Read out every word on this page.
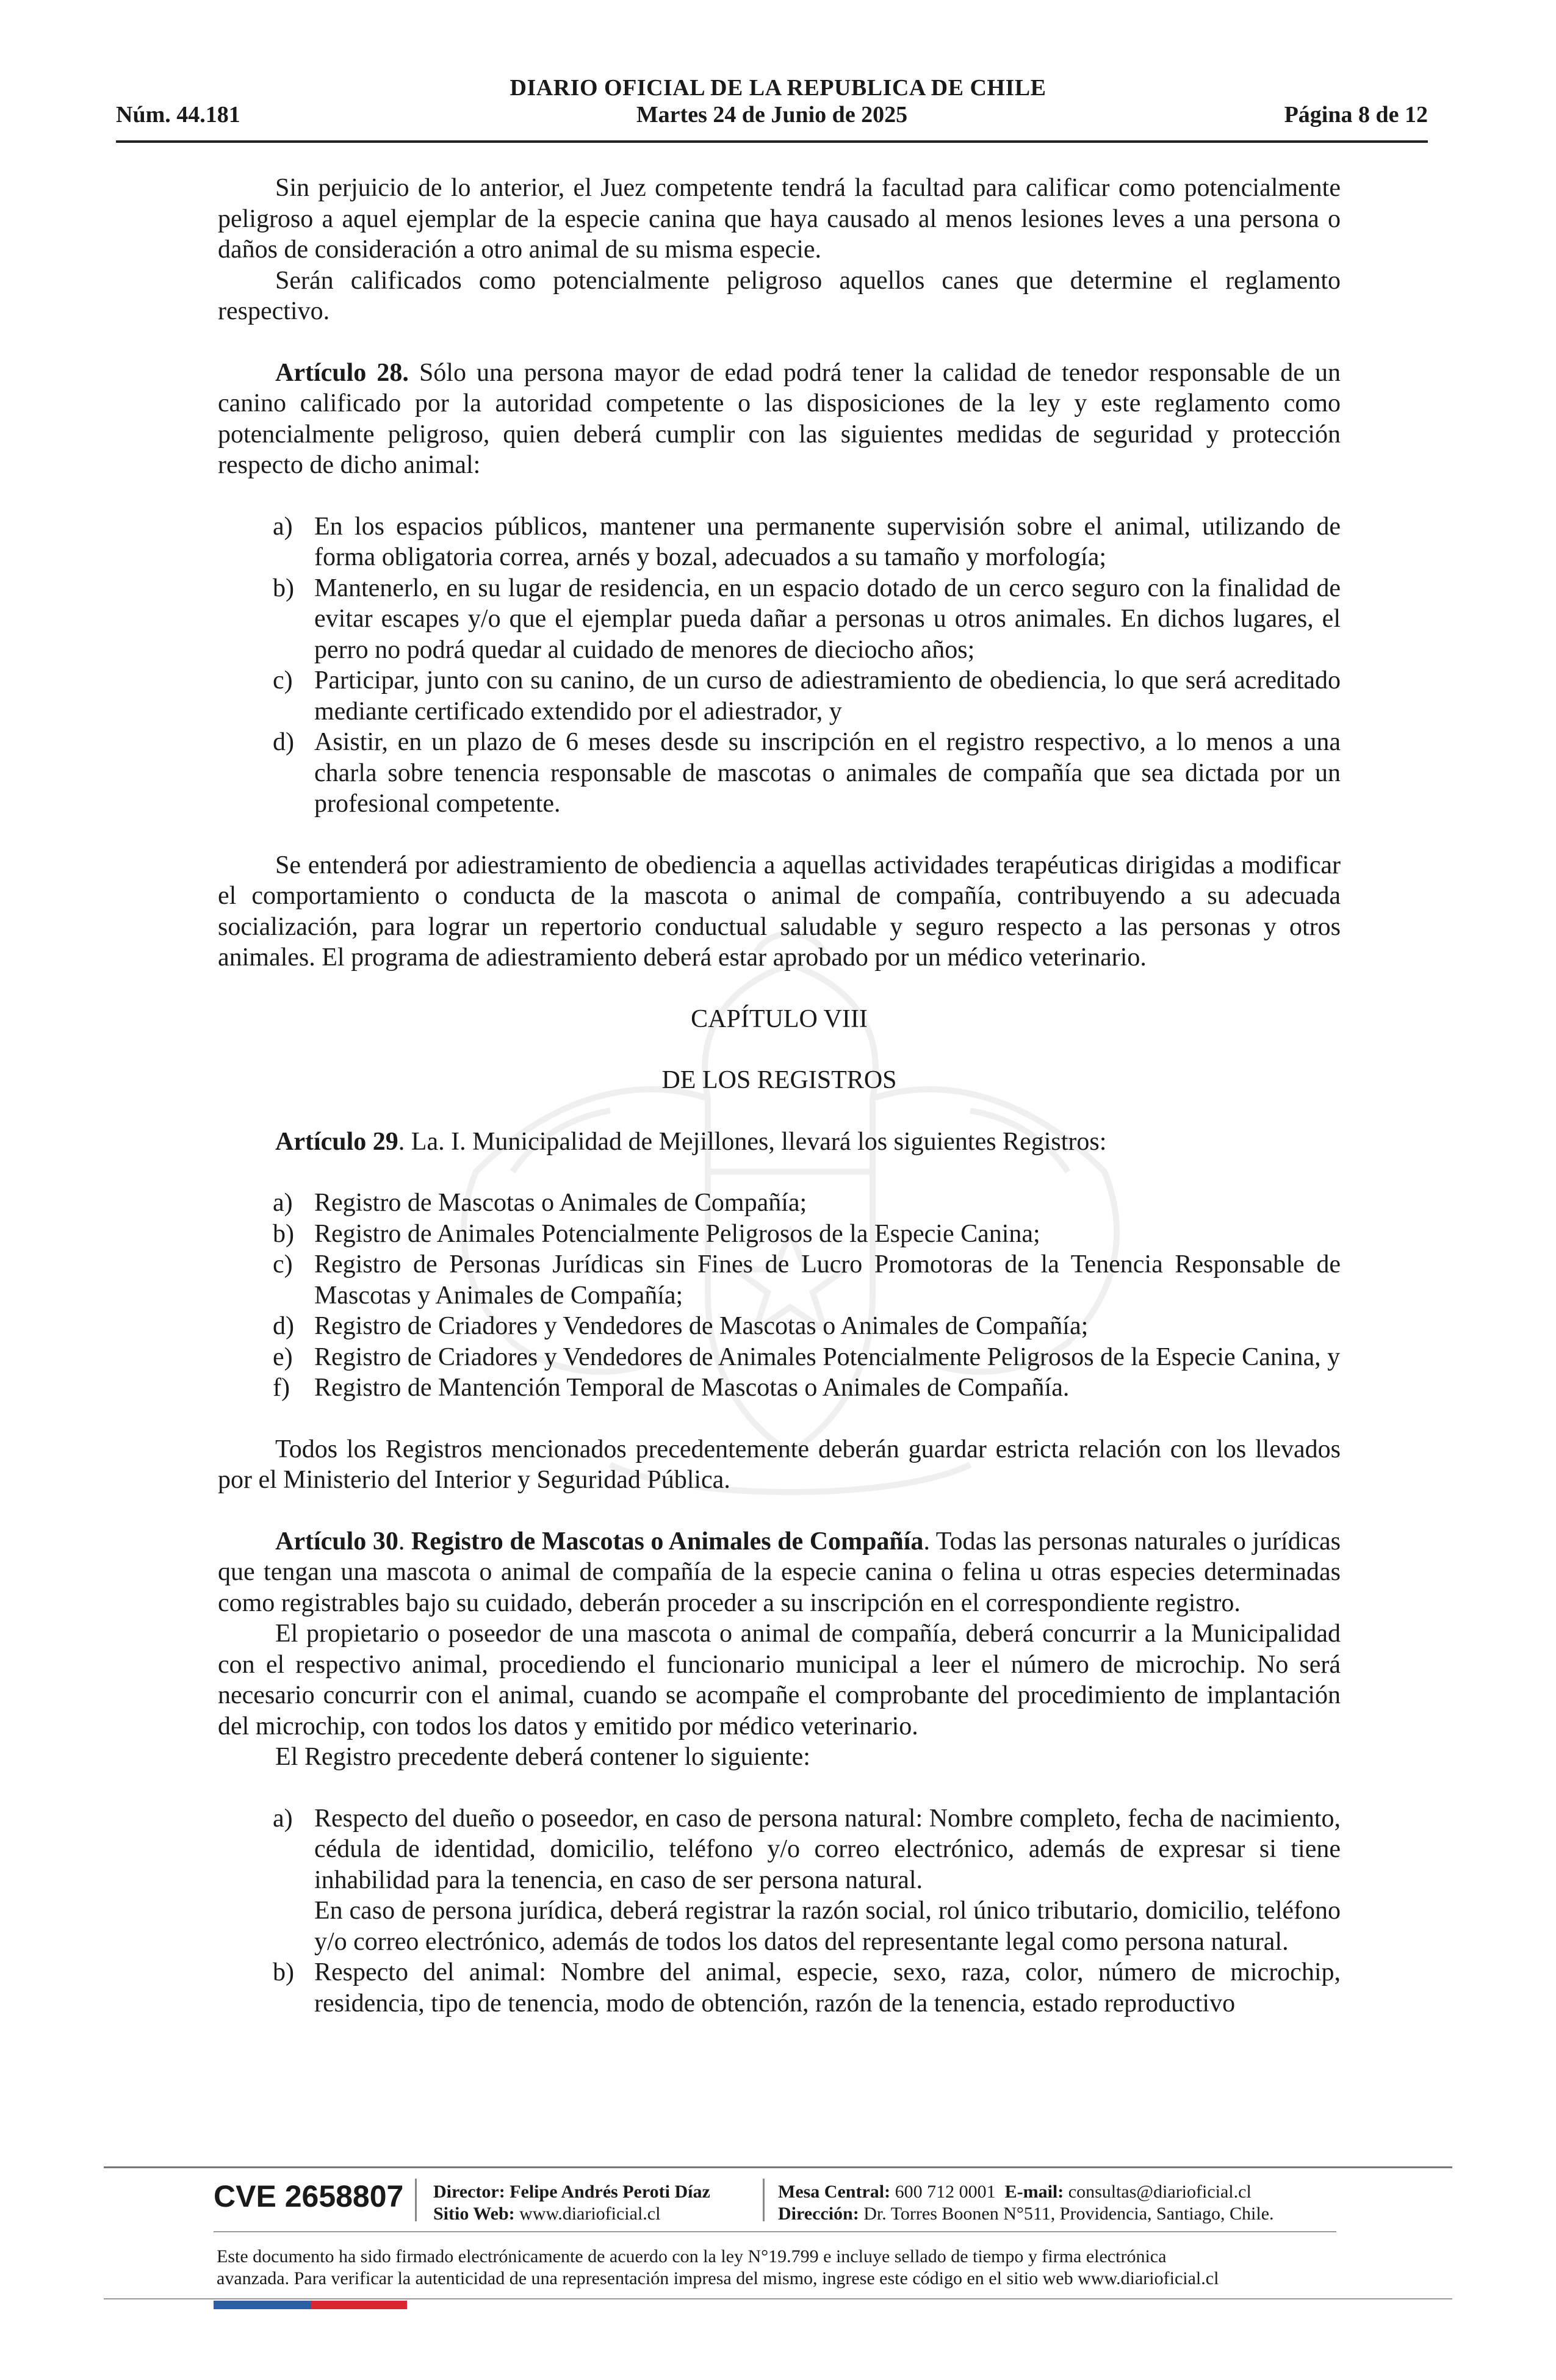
DIARIO OFICIAL DE LA REPUBLICA DE CHILE
Núm. 44.181	Martes 24 de Junio de 2025	Página 8 de 12

Sin perjuicio de lo anterior, el Juez competente tendrá la facultad para calificar como potencialmente peligroso a aquel ejemplar de la especie canina que haya causado al menos lesiones leves a una persona o daños de consideración a otro animal de su misma especie.

Serán calificados como potencialmente peligroso aquellos canes que determine el reglamento respectivo.

Artículo 28. Sólo una persona mayor de edad podrá tener la calidad de tenedor responsable de un canino calificado por la autoridad competente o las disposiciones de la ley y este reglamento como potencialmente peligroso, quien deberá cumplir con las siguientes medidas de seguridad y protección respecto de dicho animal:

a) En los espacios públicos, mantener una permanente supervisión sobre el animal, utilizando de forma obligatoria correa, arnés y bozal, adecuados a su tamaño y morfología;
b) Mantenerlo, en su lugar de residencia, en un espacio dotado de un cerco seguro con la finalidad de evitar escapes y/o que el ejemplar pueda dañar a personas u otros animales. En dichos lugares, el perro no podrá quedar al cuidado de menores de dieciocho años;
c) Participar, junto con su canino, de un curso de adiestramiento de obediencia, lo que será acreditado mediante certificado extendido por el adiestrador, y
d) Asistir, en un plazo de 6 meses desde su inscripción en el registro respectivo, a lo menos a una charla sobre tenencia responsable de mascotas o animales de compañía que sea dictada por un profesional competente.

Se entenderá por adiestramiento de obediencia a aquellas actividades terapéuticas dirigidas a modificar el comportamiento o conducta de la mascota o animal de compañía, contribuyendo a su adecuada socialización, para lograr un repertorio conductual saludable y seguro respecto a las personas y otros animales. El programa de adiestramiento deberá estar aprobado por un médico veterinario.

CAPÍTULO VIII

DE LOS REGISTROS

Artículo 29. La. I. Municipalidad de Mejillones, llevará los siguientes Registros:

a) Registro de Mascotas o Animales de Compañía;
b) Registro de Animales Potencialmente Peligrosos de la Especie Canina;
c) Registro de Personas Jurídicas sin Fines de Lucro Promotoras de la Tenencia Responsable de Mascotas y Animales de Compañía;
d) Registro de Criadores y Vendedores de Mascotas o Animales de Compañía;
e) Registro de Criadores y Vendedores de Animales Potencialmente Peligrosos de la Especie Canina, y
f) Registro de Mantención Temporal de Mascotas o Animales de Compañía.

Todos los Registros mencionados precedentemente deberán guardar estricta relación con los llevados por el Ministerio del Interior y Seguridad Pública.

Artículo 30. Registro de Mascotas o Animales de Compañía. Todas las personas naturales o jurídicas que tengan una mascota o animal de compañía de la especie canina o felina u otras especies determinadas como registrables bajo su cuidado, deberán proceder a su inscripción en el correspondiente registro.

El propietario o poseedor de una mascota o animal de compañía, deberá concurrir a la Municipalidad con el respectivo animal, procediendo el funcionario municipal a leer el número de microchip. No será necesario concurrir con el animal, cuando se acompañe el comprobante del procedimiento de implantación del microchip, con todos los datos y emitido por médico veterinario.

El Registro precedente deberá contener lo siguiente:

a) Respecto del dueño o poseedor, en caso de persona natural: Nombre completo, fecha de nacimiento, cédula de identidad, domicilio, teléfono y/o correo electrónico, además de expresar si tiene inhabilidad para la tenencia, en caso de ser persona natural.
En caso de persona jurídica, deberá registrar la razón social, rol único tributario, domicilio, teléfono y/o correo electrónico, además de todos los datos del representante legal como persona natural.
b) Respecto del animal: Nombre del animal, especie, sexo, raza, color, número de microchip, residencia, tipo de tenencia, modo de obtención, razón de la tenencia, estado reproductivo
CVE 2658807 Director: Felipe Andrés Peroti Díaz
Sitio Web: www.diarioficial.cl
Mesa Central: 600 712 0001 E-mail: consultas@diarioficial.cl
Dirección: Dr. Torres Boonen N°511, Providencia, Santiago, Chile.
Este documento ha sido firmado electrónicamente de acuerdo con la ley N°19.799 e incluye sellado de tiempo y firma electrónica
avanzada. Para verificar la autenticidad de una representación impresa del mismo, ingrese este código en el sitio web www.diarioficial.cl
